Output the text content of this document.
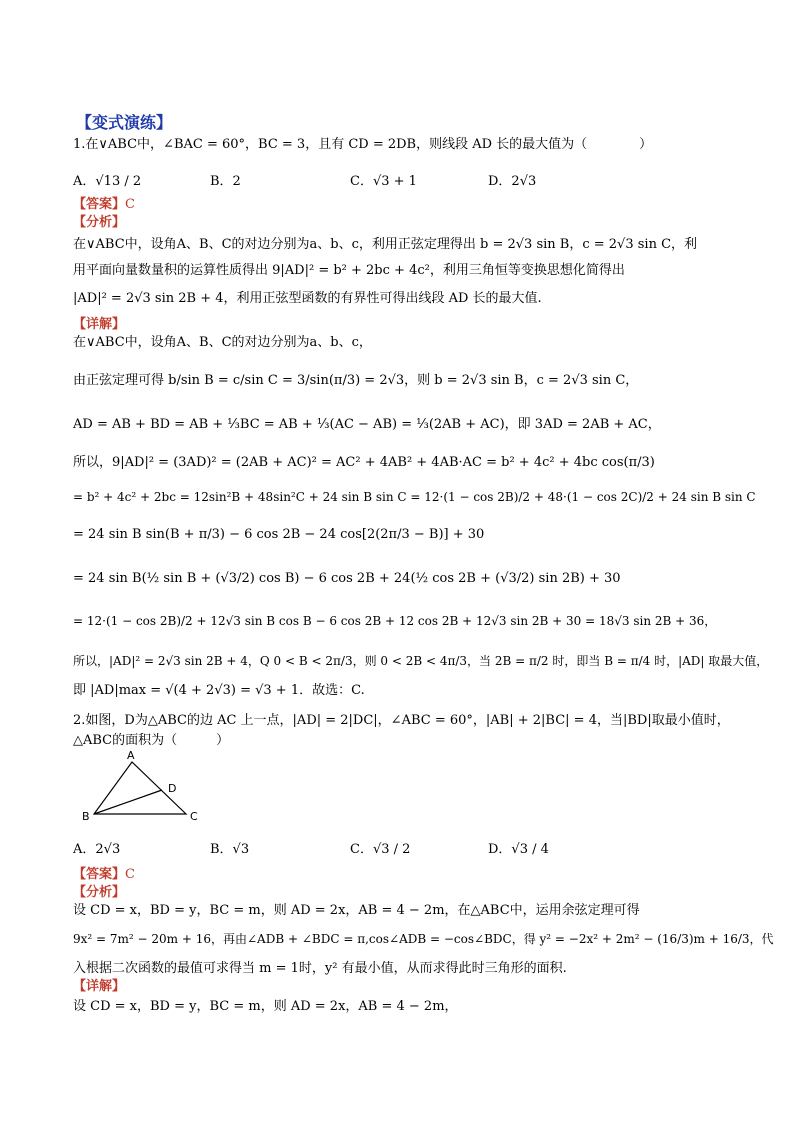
【变式演练】
1.在∨ABC中，∠BAC = 60°，BC = 3，且有 CD = 2DB，则线段 AD 长的最大值为（　　　　）
A．√13 / 2	B．2	C．√3 + 1	D．2√3
【答案】C
【分析】
在∨ABC中，设角A、B、C的对边分别为a、b、c，利用正弦定理得出 b = 2√3 sin B，c = 2√3 sin C，利
用平面向量数量积的运算性质得出 9|AD|² = b² + 2bc + 4c²，利用三角恒等变换思想化简得出
|AD|² = 2√3 sin 2B + 4，利用正弦型函数的有界性可得出线段 AD 长的最大值.
【详解】
在∨ABC中，设角A、B、C的对边分别为a、b、c，
由正弦定理可得 b/sin B = c/sin C = 3/sin(π/3) = 2√3，则 b = 2√3 sin B，c = 2√3 sin C，
AD = AB + BD = AB + ⅓BC = AB + ⅓(AC − AB) = ⅓(2AB + AC)，即 3AD = 2AB + AC，
所以，9|AD|² = (3AD)² = (2AB + AC)² = AC² + 4AB² + 4AB·AC = b² + 4c² + 4bc cos(π/3)
= b² + 4c² + 2bc = 12sin²B + 48sin²C + 24 sin B sin C = 12·(1 − cos 2B)/2 + 48·(1 − cos 2C)/2 + 24 sin B sin C
= 24 sin B sin(B + π/3) − 6 cos 2B − 24 cos[2(2π/3 − B)] + 30
= 24 sin B(½ sin B + (√3/2) cos B) − 6 cos 2B + 24(½ cos 2B + (√3/2) sin 2B) + 30
= 12·(1 − cos 2B)/2 + 12√3 sin B cos B − 6 cos 2B + 12 cos 2B + 12√3 sin 2B + 30 = 18√3 sin 2B + 36，
所以，|AD|² = 2√3 sin 2B + 4，Q 0 < B < 2π/3，则 0 < 2B < 4π/3，当 2B = π/2 时，即当 B = π/4 时，|AD| 取最大值，
即 |AD|max = √(4 + 2√3) = √3 + 1．故选：C.
2.如图，D为△ABC的边 AC 上一点，|AD| = 2|DC|，∠ABC = 60°，|AB| + 2|BC| = 4，当|BD|取最小值时，
△ABC的面积为（　　　）
A
B	C
D
A．2√3	B．√3	C．√3 / 2	D．√3 / 4
【答案】C
【分析】
设 CD = x，BD = y，BC = m，则 AD = 2x，AB = 4 − 2m，在△ABC中，运用余弦定理可得
9x² = 7m² − 20m + 16，再由∠ADB + ∠BDC = π,cos∠ADB = −cos∠BDC，得 y² = −2x² + 2m² − (16/3)m + 16/3，代
入根据二次函数的最值可求得当 m = 1时，y² 有最小值，从而求得此时三角形的面积.
【详解】
设 CD = x，BD = y，BC = m，则 AD = 2x，AB = 4 − 2m，
